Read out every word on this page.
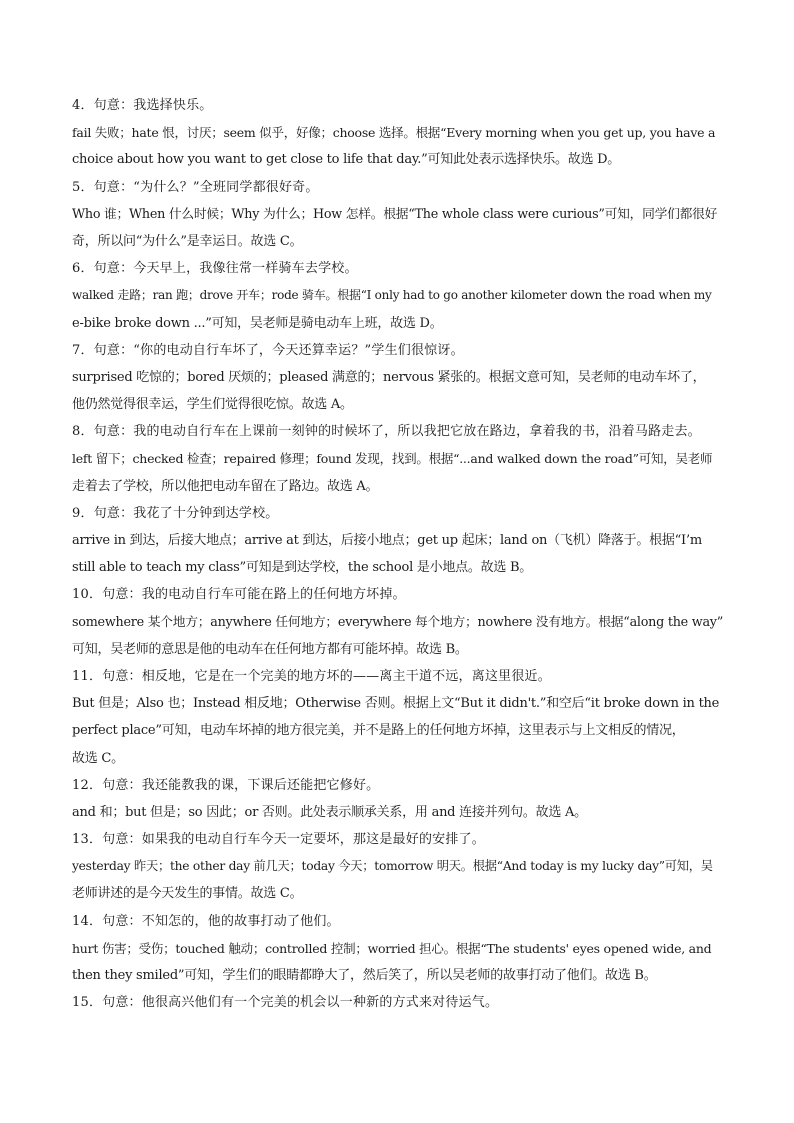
4．句意：我选择快乐。
fail 失败；hate 恨，讨厌；seem 似乎，好像；choose 选择。根据“Every morning when you get up, you have a
choice about how you want to get close to life that day.”可知此处表示选择快乐。故选 D。
5．句意：“为什么？”全班同学都很好奇。
Who 谁；When 什么时候；Why 为什么；How 怎样。根据“The whole class were curious”可知，同学们都很好
奇，所以问“为什么”是幸运日。故选 C。
6．句意：今天早上，我像往常一样骑车去学校。
walked 走路；ran 跑；drove 开车；rode 骑车。根据“I only had to go another kilometer down the road when my
e-bike broke down ...”可知，吴老师是骑电动车上班，故选 D。
7．句意：“你的电动自行车坏了，今天还算幸运？”学生们很惊讶。
surprised 吃惊的；bored 厌烦的；pleased 满意的；nervous 紧张的。根据文意可知，吴老师的电动车坏了，
他仍然觉得很幸运，学生们觉得很吃惊。故选 A。
8．句意：我的电动自行车在上课前一刻钟的时候坏了，所以我把它放在路边，拿着我的书，沿着马路走去。
left 留下；checked 检查；repaired 修理；found 发现，找到。根据“...and walked down the road”可知，吴老师
走着去了学校，所以他把电动车留在了路边。故选 A。
9．句意：我花了十分钟到达学校。
arrive in 到达，后接大地点；arrive at 到达，后接小地点；get up 起床；land on（飞机）降落于。根据“I’m
still able to teach my class”可知是到达学校，the school 是小地点。故选 B。
10．句意：我的电动自行车可能在路上的任何地方坏掉。
somewhere 某个地方；anywhere 任何地方；everywhere 每个地方；nowhere 没有地方。根据“along the way”
可知，吴老师的意思是他的电动车在任何地方都有可能坏掉。故选 B。
11．句意：相反地，它是在一个完美的地方坏的——离主干道不远，离这里很近。
But 但是；Also 也；Instead 相反地；Otherwise 否则。根据上文“But it didn't.”和空后“it broke down in the
perfect place”可知，电动车坏掉的地方很完美，并不是路上的任何地方坏掉，这里表示与上文相反的情况，
故选 C。
12．句意：我还能教我的课，下课后还能把它修好。
and 和；but 但是；so 因此；or 否则。此处表示顺承关系，用 and 连接并列句。故选 A。
13．句意：如果我的电动自行车今天一定要坏，那这是最好的安排了。
yesterday 昨天；the other day 前几天；today 今天；tomorrow 明天。根据“And today is my lucky day”可知，吴
老师讲述的是今天发生的事情。故选 C。
14．句意：不知怎的，他的故事打动了他们。
hurt 伤害；受伤；touched 触动；controlled 控制；worried 担心。根据“The students' eyes opened wide, and
then they smiled”可知，学生们的眼睛都睁大了，然后笑了，所以吴老师的故事打动了他们。故选 B。
15．句意：他很高兴他们有一个完美的机会以一种新的方式来对待运气。
